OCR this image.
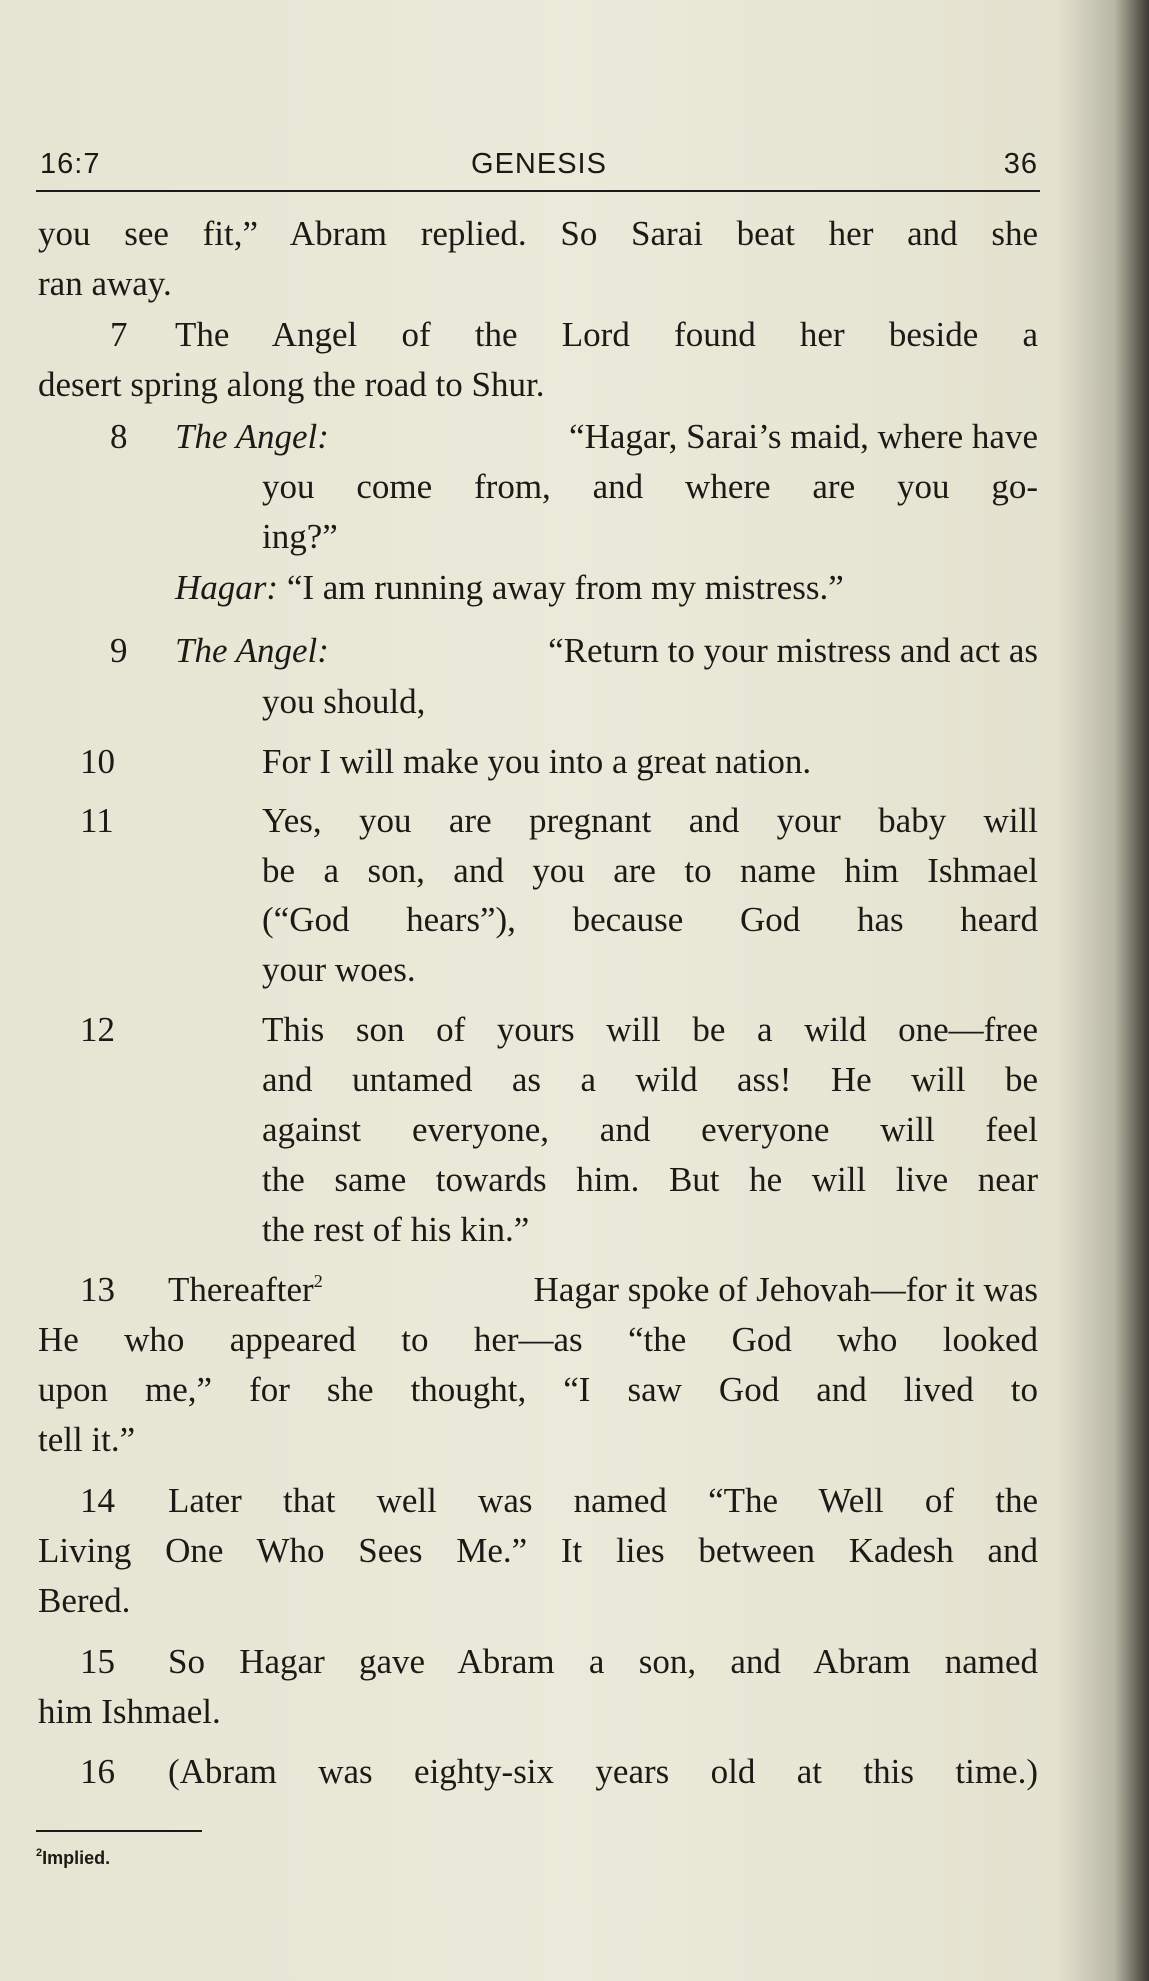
16:7	GENESIS	36
you see fit,” Abram replied. So Sarai beat her and she
ran away.
7 The Angel of the Lord found her beside a
desert spring along the road to Shur.
8 The Angel:	“Hagar, Sarai’s maid, where have
you come from, and where are you go-
ing?”
Hagar: “I am running away from my mistress.”
9 The Angel:	“Return to your mistress and act as
you should,
10	For I will make you into a great nation.
11	Yes, you are pregnant and your baby will
be a son, and you are to name him Ishmael
(“God hears”), because God has heard
your woes.
12	This son of yours will be a wild one—free
and untamed as a wild ass! He will be
against everyone, and everyone will feel
the same towards him. But he will live near
the rest of his kin.”
13 Thereafter$^2$	Hagar spoke of Jehovah—for it was
He who appeared to her—as “the God who looked
upon me,” for she thought, “I saw God and lived to
tell it.”
14 Later that well was named “The Well of the
Living One Who Sees Me.” It lies between Kadesh and
Bered.
15 So Hagar gave Abram a son, and Abram named
him Ishmael.
16 (Abram was eighty-six years old at this time.)
$^2$Implied.
